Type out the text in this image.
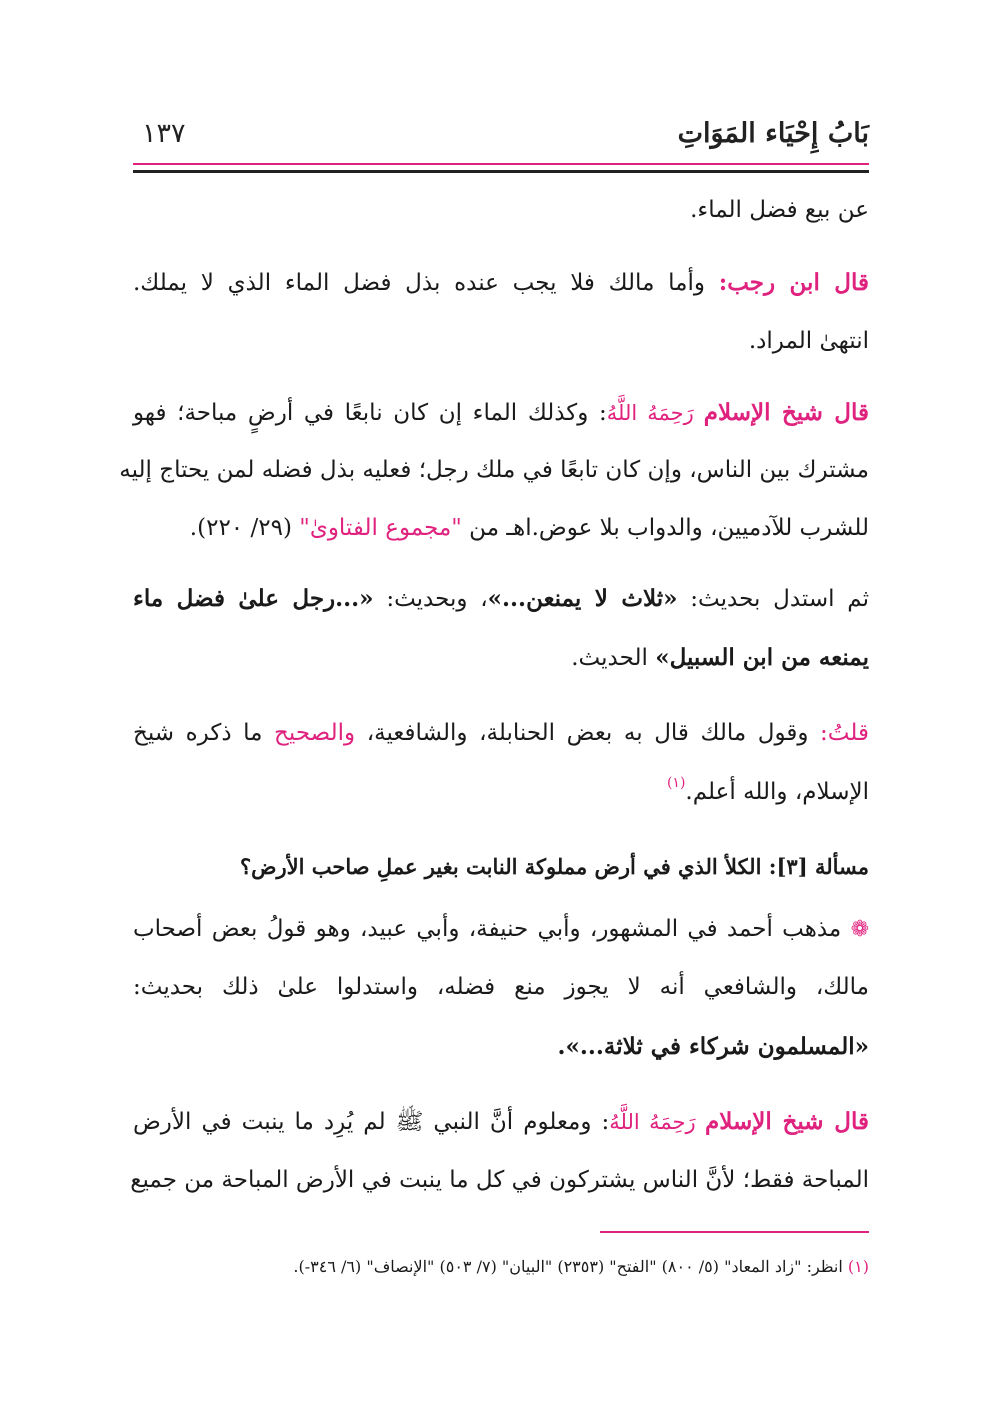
بَابُ إِحْيَاء المَوَاتِ
١٣٧
عن بيع فضل الماء.
قال ابن رجب: وأما مالك فلا يجب عنده بذل فضل الماء الذي لا يملك.
انتهىٰ المراد.
قال شيخ الإسلام رَحِمَهُ اللَّهُ: وكذلك الماء إن كان نابعًا في أرضٍ مباحة؛ فهو
مشترك بين الناس، وإن كان تابعًا في ملك رجل؛ فعليه بذل فضله لمن يحتاج إليه
للشرب للآدميين، والدواب بلا عوض.اهـ من "مجموع الفتاوىٰ" (٢٩/ ٢٢٠).
ثم استدل بحديث: «ثلاث لا يمنعن...»، وبحديث: «...رجل علىٰ فضل ماء
يمنعه من ابن السبيل» الحديث.
قلتُ: وقول مالك قال به بعض الحنابلة، والشافعية، والصحيح ما ذكره شيخ
الإسلام، والله أعلم.$^{(١)}$
مسألة [٣]: الكلأ الذي في أرض مملوكة النابت بغير عملِ صاحب الأرض؟
❁ مذهب أحمد في المشهور، وأبي حنيفة، وأبي عبيد، وهو قولُ بعض أصحاب
مالك، والشافعي أنه لا يجوز منع فضله، واستدلوا علىٰ ذلك بحديث:
«المسلمون شركاء في ثلاثة...».
قال شيخ الإسلام رَحِمَهُ اللَّهُ: ومعلوم أنَّ النبي ﷺ لم يُرِد ما ينبت في الأرض
المباحة فقط؛ لأنَّ الناس يشتركون في كل ما ينبت في الأرض المباحة من جميع
(١) انظر: "زاد المعاد" (٥/ ٨٠٠) "الفتح" (٢٣٥٣) "البيان" (٧/ ٥٠٣) "الإنصاف" (٦/ ٣٤٦-).
